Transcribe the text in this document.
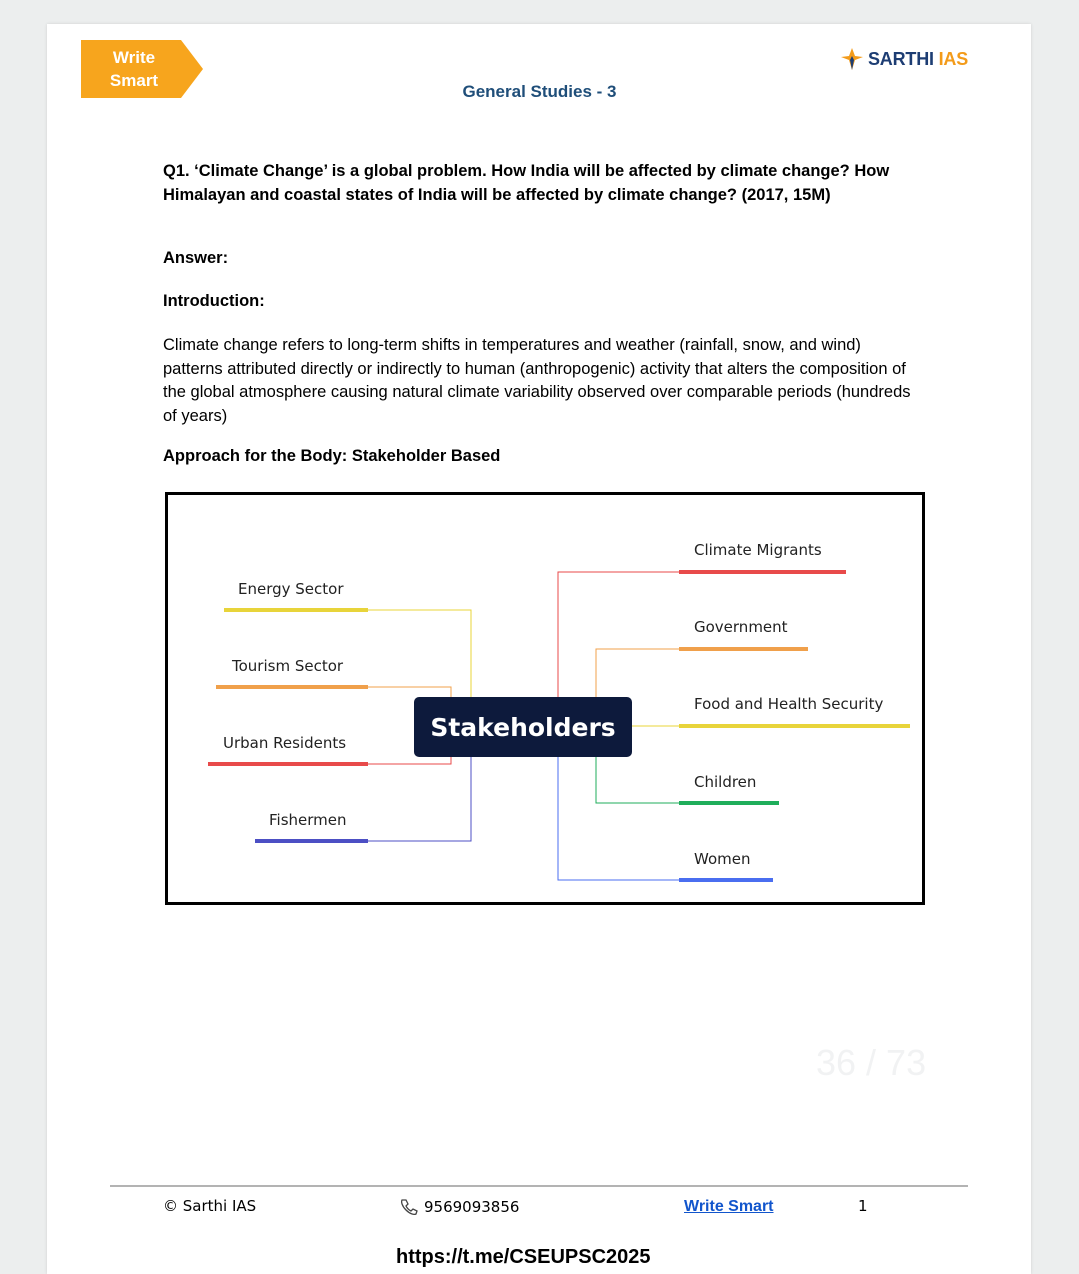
Write
Smart
SARTHI IAS
General Studies - 3
Q1. ‘Climate Change’ is a global problem. How India will be affected by climate change? How Himalayan and coastal states of India will be affected by climate change? (2017, 15M)
Answer:
Introduction:
Climate change refers to long-term shifts in temperatures and weather (rainfall, snow, and wind) patterns attributed directly or indirectly to human (anthropogenic) activity that alters the composition of the global atmosphere causing natural climate variability observed over comparable periods (hundreds of years)
Approach for the Body: Stakeholder Based
Stakeholders
Energy Sector
Tourism Sector
Urban Residents
Fishermen
Climate Migrants
Government
Food and Health Security
Children
Women
36 / 73
© Sarthi IAS	9569093856	Write Smart	1
https://t.me/CSEUPSC2025
